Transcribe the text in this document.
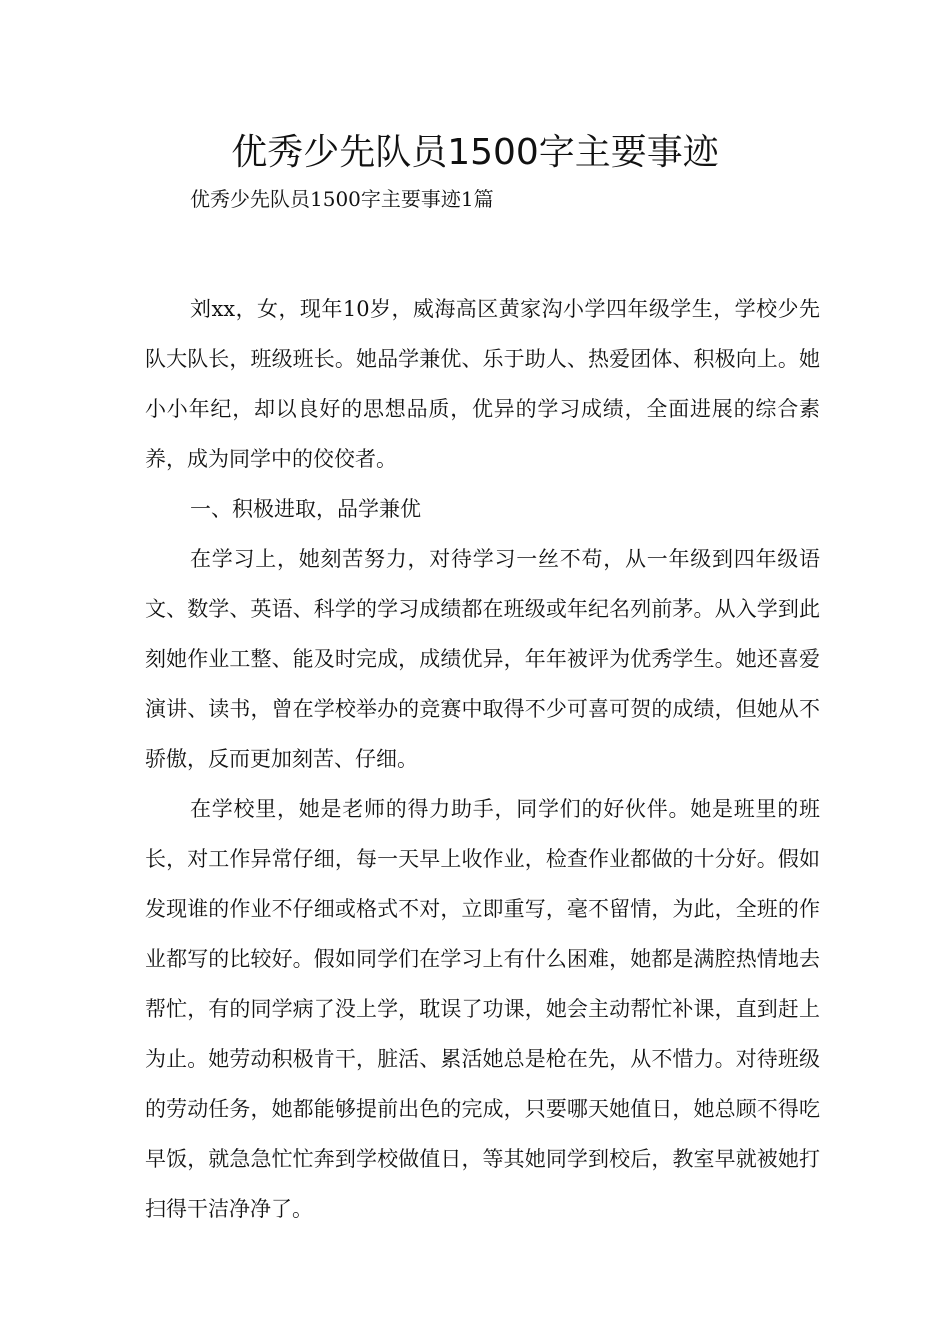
优秀少先队员1500字主要事迹
优秀少先队员1500字主要事迹1篇

刘xx，女，现年10岁，威海高区黄家沟小学四年级学生，学校少先队大队长，班级班长。她品学兼优、乐于助人、热爱团体、积极向上。她小小年纪，却以良好的思想品质，优异的学习成绩，全面进展的综合素养，成为同学中的佼佼者。

一、积极进取，品学兼优

在学习上，她刻苦努力，对待学习一丝不苟，从一年级到四年级语文、数学、英语、科学的学习成绩都在班级或年纪名列前茅。从入学到此刻她作业工整、能及时完成，成绩优异，年年被评为优秀学生。她还喜爱演讲、读书，曾在学校举办的竞赛中取得不少可喜可贺的成绩，但她从不骄傲，反而更加刻苦、仔细。

在学校里，她是老师的得力助手，同学们的好伙伴。她是班里的班长，对工作异常仔细，每一天早上收作业，检查作业都做的十分好。假如发现谁的作业不仔细或格式不对，立即重写，毫不留情，为此，全班的作业都写的比较好。假如同学们在学习上有什么困难，她都是满腔热情地去帮忙，有的同学病了没上学，耽误了功课，她会主动帮忙补课，直到赶上为止。她劳动积极肯干，脏活、累活她总是枪在先，从不惜力。对待班级的劳动任务，她都能够提前出色的完成，只要哪天她值日，她总顾不得吃早饭，就急急忙忙奔到学校做值日，等其她同学到校后，教室早就被她打扫得干洁净净了。
